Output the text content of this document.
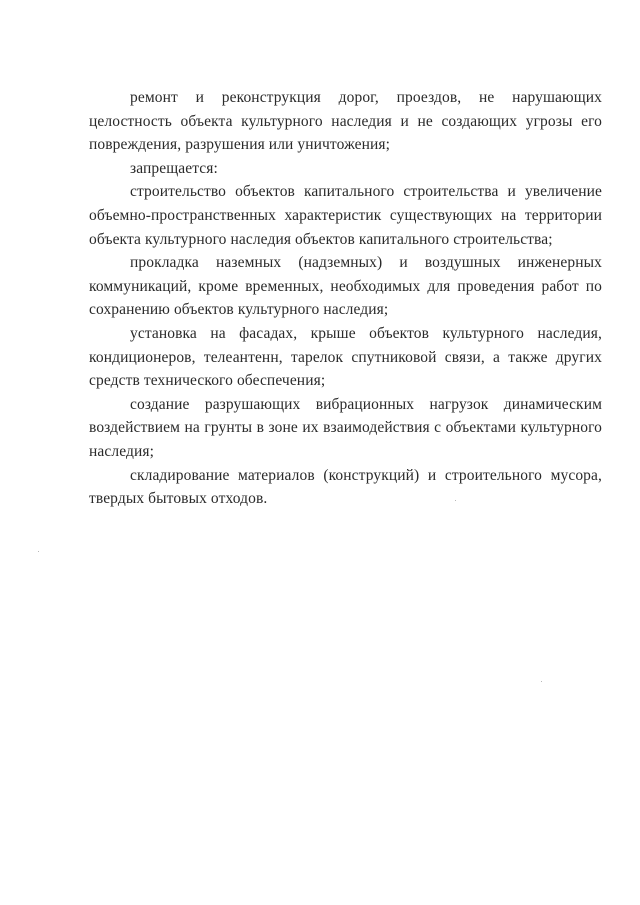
ремонт и реконструкция дорог, проездов, не нарушающих целостность объекта культурного наследия и не создающих угрозы его повреждения, разрушения или уничтожения;

запрещается:

строительство объектов капитального строительства и увеличение объемно-пространственных характеристик существующих на территории объекта культурного наследия объектов капитального строительства;

прокладка наземных (надземных) и воздушных инженерных коммуникаций, кроме временных, необходимых для проведения работ по сохранению объектов культурного наследия;

установка на фасадах, крыше объектов культурного наследия, кондиционеров, телеантенн, тарелок спутниковой связи, а также других средств технического обеспечения;

создание разрушающих вибрационных нагрузок динамическим воздействием на грунты в зоне их взаимодействия с объектами культурного наследия;

складирование материалов (конструкций) и строительного мусора, твердых бытовых отходов.
